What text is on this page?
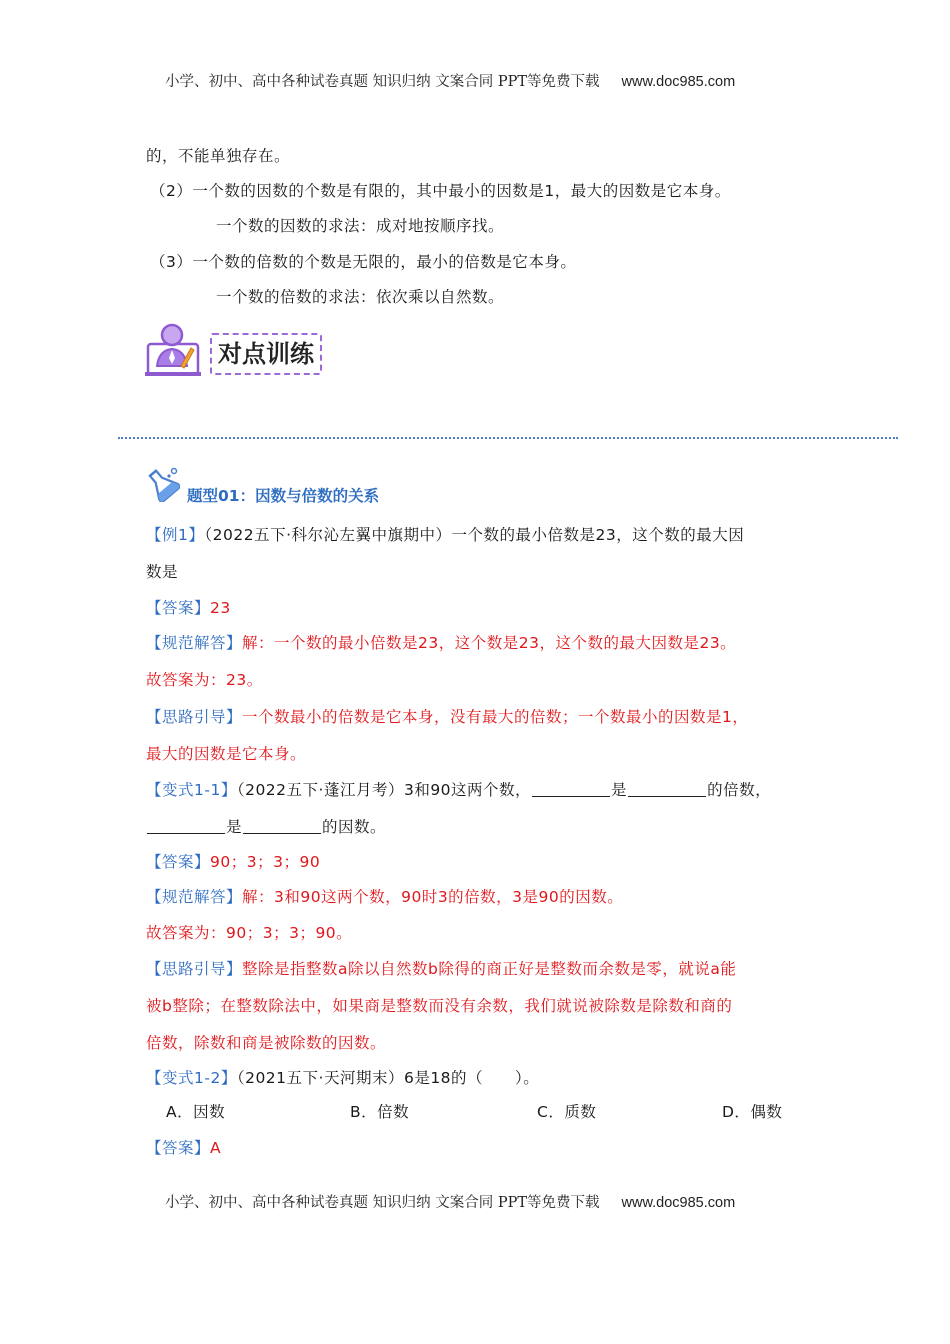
小学、初中、高中各种试卷真题 知识归纳 文案合同 PPT等免费下载 www.doc985.com
的，不能单独存在。
（2）一个数的因数的个数是有限的，其中最小的因数是1，最大的因数是它本身。
一个数的因数的求法：成对地按顺序找。
（3）一个数的倍数的个数是无限的，最小的倍数是它本身。
一个数的倍数的求法：依次乘以自然数。
对点训练
题型01：因数与倍数的关系
【例1】（2022五下·科尔沁左翼中旗期中）一个数的最小倍数是23，这个数的最大因
数是
【答案】23
【规范解答】解：一个数的最小倍数是23，这个数是23，这个数的最大因数是23。
故答案为：23。
【思路引导】一个数最小的倍数是它本身，没有最大的倍数；一个数最小的因数是1，
最大的因数是它本身。
【变式1-1】（2022五下·蓬江月考）3和90这两个数，	是	的倍数，
是	的因数。
【答案】90；3；3；90
【规范解答】解：3和90这两个数，90时3的倍数，3是90的因数。
故答案为：90；3；3；90。
【思路引导】整除是指整数a除以自然数b除得的商正好是整数而余数是零，就说a能
被b整除；在整数除法中，如果商是整数而没有余数，我们就说被除数是除数和商的
倍数，除数和商是被除数的因数。
【变式1-2】（2021五下·天河期末）6是18的（　　）。
A．因数	B．倍数	C．质数	D．偶数
【答案】A
小学、初中、高中各种试卷真题 知识归纳 文案合同 PPT等免费下载 www.doc985.com
